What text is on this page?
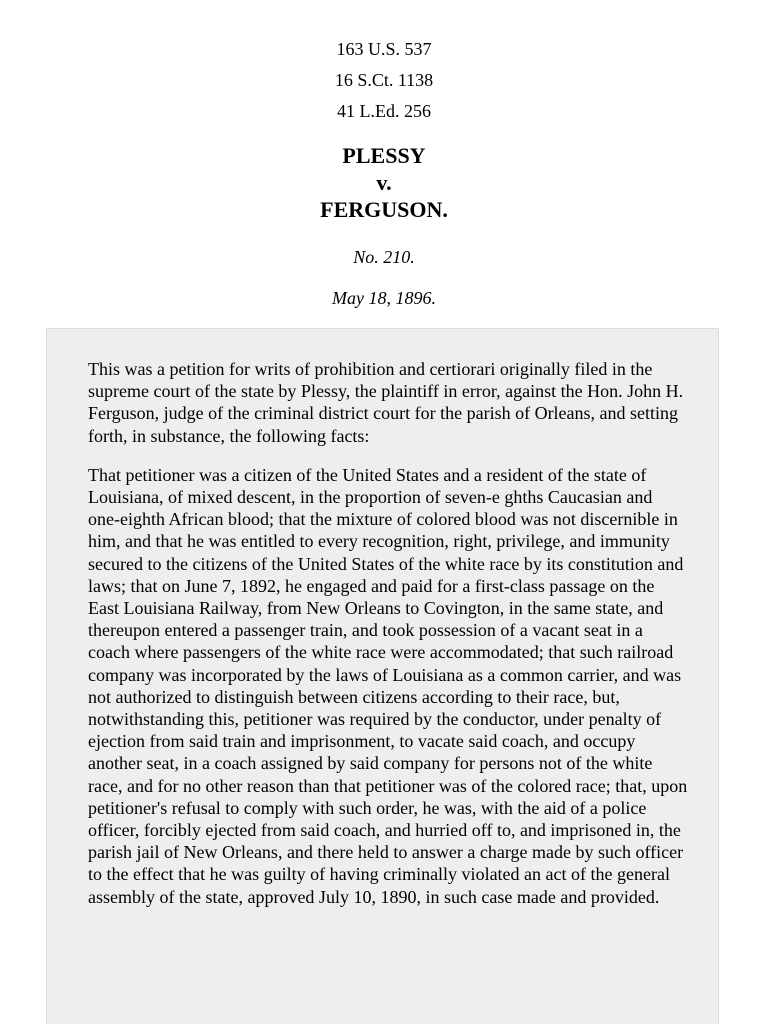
163 U.S. 537
16 S.Ct. 1138
41 L.Ed. 256
PLESSY
v.
FERGUSON.
No. 210.
May 18, 1896.

This was a petition for writs of prohibition and certiorari originally filed in the supreme court of the state by Plessy, the plaintiff in error, against the Hon. John H. Ferguson, judge of the criminal district court for the parish of Orleans, and setting forth, in substance, the following facts:

That petitioner was a citizen of the United States and a resident of the state of Louisiana, of mixed descent, in the proportion of seven-e ghths Caucasian and one-eighth African blood; that the mixture of colored blood was not discernible in him, and that he was entitled to every recognition, right, privilege, and immunity secured to the citizens of the United States of the white race by its constitution and laws; that on June 7, 1892, he engaged and paid for a first-class passage on the East Louisiana Railway, from New Orleans to Covington, in the same state, and thereupon entered a passenger train, and took possession of a vacant seat in a coach where passengers of the white race were accommodated; that such railroad company was incorporated by the laws of Louisiana as a common carrier, and was not authorized to distinguish between citizens according to their race, but, notwithstanding this, petitioner was required by the conductor, under penalty of ejection from said train and imprisonment, to vacate said coach, and occupy another seat, in a coach assigned by said company for persons not of the white race, and for no other reason than that petitioner was of the colored race; that, upon petitioner's refusal to comply with such order, he was, with the aid of a police officer, forcibly ejected from said coach, and hurried off to, and imprisoned in, the parish jail of New Orleans, and there held to answer a charge made by such officer to the effect that he was guilty of having criminally violated an act of the general assembly of the state, approved July 10, 1890, in such case made and provided.
